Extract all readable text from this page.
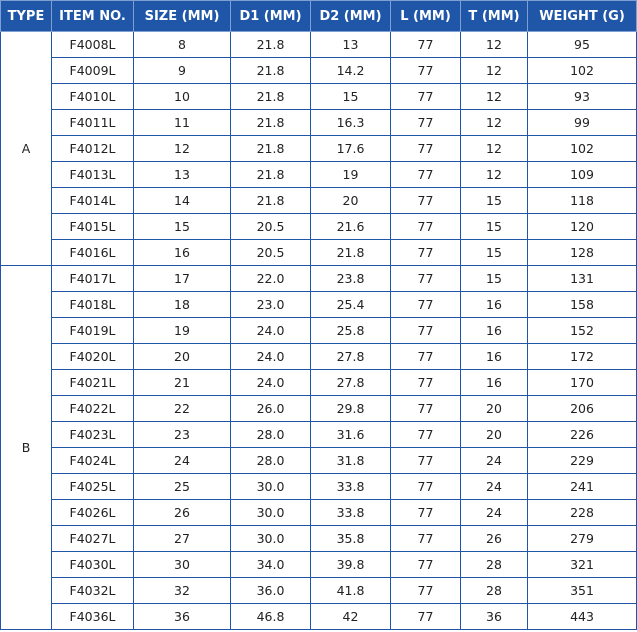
TYPE	ITEM NO.	SIZE (MM)	D1 (MM)	D2 (MM)	L (MM)	T (MM)	WEIGHT (G)
A	F4008L	8	21.8	13	77	12	95
	F4009L	9	21.8	14.2	77	12	102
	F4010L	10	21.8	15	77	12	93
	F4011L	11	21.8	16.3	77	12	99
	F4012L	12	21.8	17.6	77	12	102
	F4013L	13	21.8	19	77	12	109
	F4014L	14	21.8	20	77	15	118
	F4015L	15	20.5	21.6	77	15	120
	F4016L	16	20.5	21.8	77	15	128
B	F4017L	17	22.0	23.8	77	15	131
	F4018L	18	23.0	25.4	77	16	158
	F4019L	19	24.0	25.8	77	16	152
	F4020L	20	24.0	27.8	77	16	172
	F4021L	21	24.0	27.8	77	16	170
	F4022L	22	26.0	29.8	77	20	206
	F4023L	23	28.0	31.6	77	20	226
	F4024L	24	28.0	31.8	77	24	229
	F4025L	25	30.0	33.8	77	24	241
	F4026L	26	30.0	33.8	77	24	228
	F4027L	27	30.0	35.8	77	26	279
	F4030L	30	34.0	39.8	77	28	321
	F4032L	32	36.0	41.8	77	28	351
	F4036L	36	46.8	42	77	36	443
